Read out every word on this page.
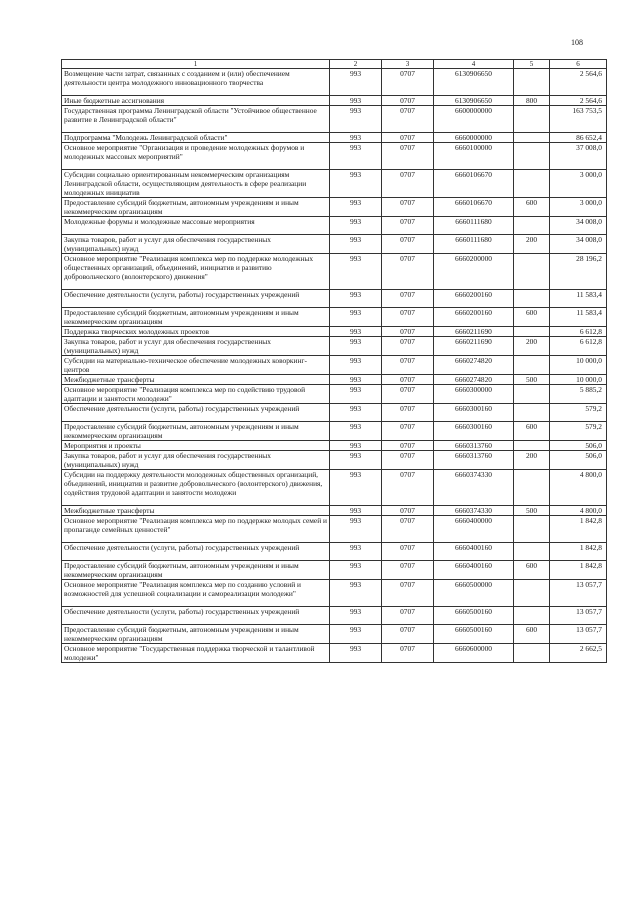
108
1	2	3	4	5	6
Возмещение части затрат, связанных с созданием и (или) обеспечением деятельности центра молодежного инновационного творчества	993	0707	6130906650		2 564,6
Иные бюджетные ассигнования	993	0707	6130906650	800	2 564,6
Государственная программа Ленинградской области "Устойчивое общественное развитие в Ленинградской области"	993	0707	6600000000		163 753,5
Подпрограмма "Молодежь Ленинградской области"	993	0707	6660000000		86 652,4
Основное мероприятие "Организация и проведение молодежных форумов и молодежных массовых мероприятий"	993	0707	6660100000		37 008,0
Субсидии социально ориентированным некоммерческим организациям Ленинградской области, осуществляющим деятельность в сфере реализации молодежных инициатив	993	0707	6660106670		3 000,0
Предоставление субсидий бюджетным, автономным учреждениям и иным некоммерческим организациям	993	0707	6660106670	600	3 000,0
Молодежные форумы и молодежные массовые мероприятия	993	0707	6660111680		34 008,0
Закупка товаров, работ и услуг для обеспечения государственных (муниципальных) нужд	993	0707	6660111680	200	34 008,0
Основное мероприятие "Реализация комплекса мер по поддержке молодежных общественных организаций, объединений, инициатив и развитию добровольческого (волонтерского) движения"	993	0707	6660200000		28 196,2
Обеспечение деятельности (услуги, работы) государственных учреждений	993	0707	6660200160		11 583,4
Предоставление субсидий бюджетным, автономным учреждениям и иным некоммерческим организациям	993	0707	6660200160	600	11 583,4
Поддержка творческих молодежных проектов	993	0707	6660211690		6 612,8
Закупка товаров, работ и услуг для обеспечения государственных (муниципальных) нужд	993	0707	6660211690	200	6 612,8
Субсидии на материально-техническое обеспечение молодежных коворкинг-центров	993	0707	6660274820		10 000,0
Межбюджетные трансферты	993	0707	6660274820	500	10 000,0
Основное мероприятие "Реализация комплекса мер по содействию трудовой адаптации и занятости молодежи"	993	0707	6660300000		5 885,2
Обеспечение деятельности (услуги, работы) государственных учреждений	993	0707	6660300160		579,2
Предоставление субсидий бюджетным, автономным учреждениям и иным некоммерческим организациям	993	0707	6660300160	600	579,2
Мероприятия и проекты	993	0707	6660313760		506,0
Закупка товаров, работ и услуг для обеспечения государственных (муниципальных) нужд	993	0707	6660313760	200	506,0
Субсидии на поддержку деятельности молодежных общественных организаций, объединений, инициатив и развитие добровольческого (волонтерского) движения, содействия трудовой адаптации и занятости молодежи	993	0707	6660374330		4 800,0
Межбюджетные трансферты	993	0707	6660374330	500	4 800,0
Основное мероприятие "Реализация комплекса мер по поддержке молодых семей и пропаганде семейных ценностей"	993	0707	6660400000		1 842,8
Обеспечение деятельности (услуги, работы) государственных учреждений	993	0707	6660400160		1 842,8
Предоставление субсидий бюджетным, автономным учреждениям и иным некоммерческим организациям	993	0707	6660400160	600	1 842,8
Основное мероприятие "Реализация комплекса мер по созданию условий и возможностей для успешной социализации и самореализации молодежи"	993	0707	6660500000		13 057,7
Обеспечение деятельности (услуги, работы) государственных учреждений	993	0707	6660500160		13 057,7
Предоставление субсидий бюджетным, автономным учреждениям и иным некоммерческим организациям	993	0707	6660500160	600	13 057,7
Основное мероприятие "Государственная поддержка творческой и талантливой молодежи"	993	0707	6660600000		2 662,5
